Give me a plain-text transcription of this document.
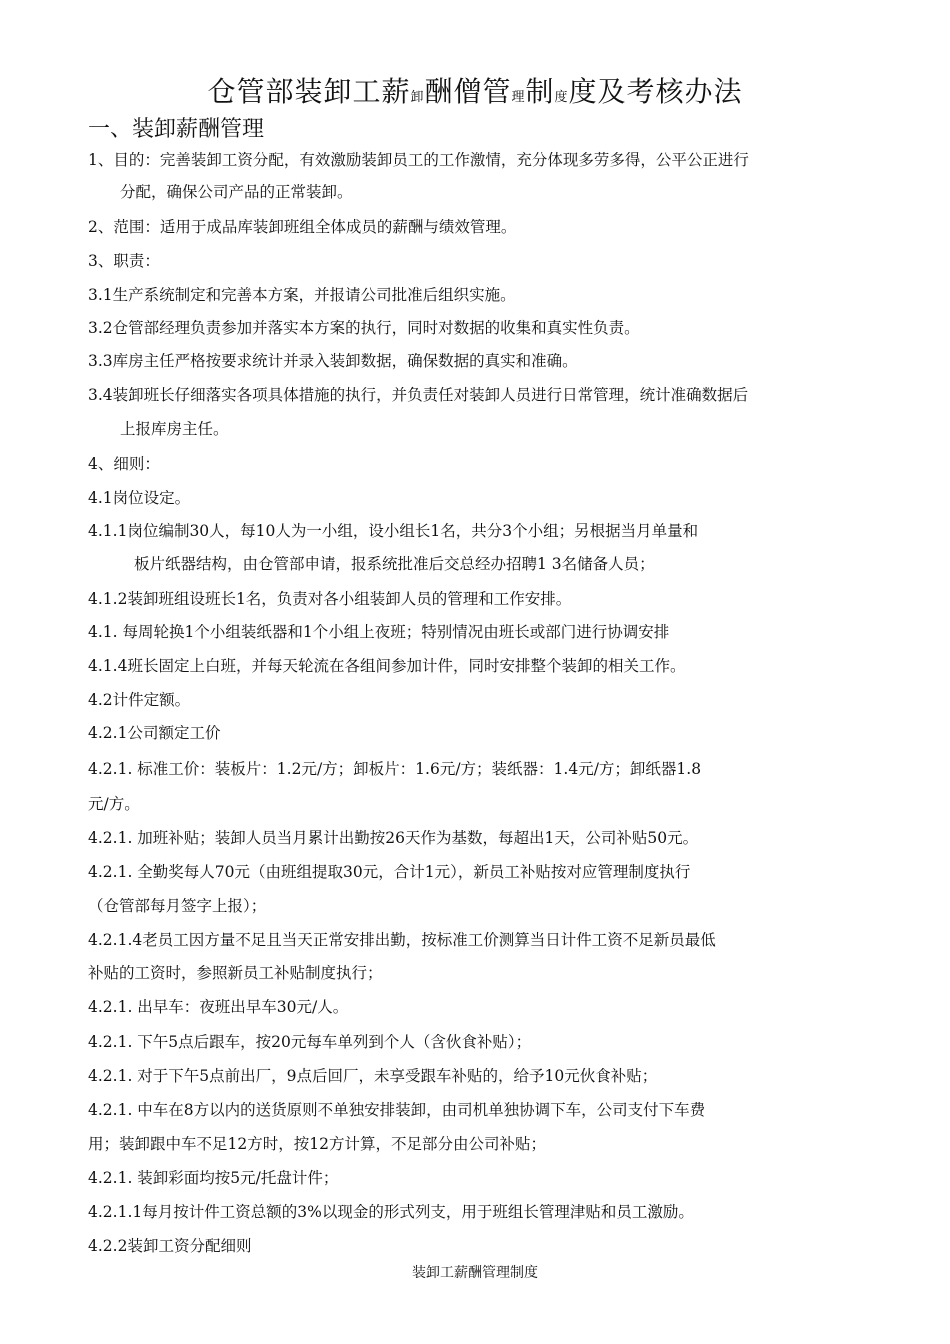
仓管部装卸工薪卸酬僧管理制度度及考核办法
一、装卸薪酬管理
1、目的：完善装卸工资分配，有效激励装卸员工的工作激情，充分体现多劳多得，公平公正进行
分配，确保公司产品的正常装卸。
2、范围：适用于成品库装卸班组全体成员的薪酬与绩效管理。
3、职责：
3.1生产系统制定和完善本方案，并报请公司批准后组织实施。
3.2仓管部经理负责参加并落实本方案的执行，同时对数据的收集和真实性负责。
3.3库房主任严格按要求统计并录入装卸数据，确保数据的真实和准确。
3.4装卸班长仔细落实各项具体措施的执行，并负责任对装卸人员进行日常管理，统计准确数据后
上报库房主任。
4、细则：
4.1岗位设定。
4.1.1岗位编制30人，每10人为一小组，设小组长1名，共分3个小组；另根据当月单量和
板片纸器结构，由仓管部申请，报系统批准后交总经办招聘1 3名储备人员；
4.1.2装卸班组设班长1名，负责对各小组装卸人员的管理和工作安排。
4.1. 每周轮换1个小组装纸器和1个小组上夜班；特别情况由班长或部门进行协调安排
4.1.4班长固定上白班，并每天轮流在各组间参加计件，同时安排整个装卸的相关工作。
4.2计件定额。
4.2.1公司额定工价
4.2.1. 标准工价：装板片：1.2元/方；卸板片：1.6元/方；装纸器：1.4元/方；卸纸器1.8
元/方。
4.2.1. 加班补贴；装卸人员当月累计出勤按26天作为基数，每超出1天，公司补贴50元。
4.2.1. 全勤奖每人70元（由班组提取30元，合计1元），新员工补贴按对应管理制度执行
（仓管部每月签字上报）；
4.2.1.4老员工因方量不足且当天正常安排出勤，按标准工价测算当日计件工资不足新员最低
补贴的工资时，参照新员工补贴制度执行；
4.2.1. 出早车：夜班出早车30元/人。
4.2.1. 下午5点后跟车，按20元每车单列到个人（含伙食补贴）；
4.2.1. 对于下午5点前出厂，9点后回厂，未享受跟车补贴的，给予10元伙食补贴；
4.2.1. 中车在8方以内的送货原则不单独安排装卸，由司机单独协调下车，公司支付下车费
用；装卸跟中车不足12方时，按12方计算，不足部分由公司补贴；
4.2.1. 装卸彩面均按5元/托盘计件；
4.2.1.1每月按计件工资总额的3%以现金的形式列支，用于班组长管理津贴和员工激励。
4.2.2装卸工资分配细则
装卸工薪酬管理制度
